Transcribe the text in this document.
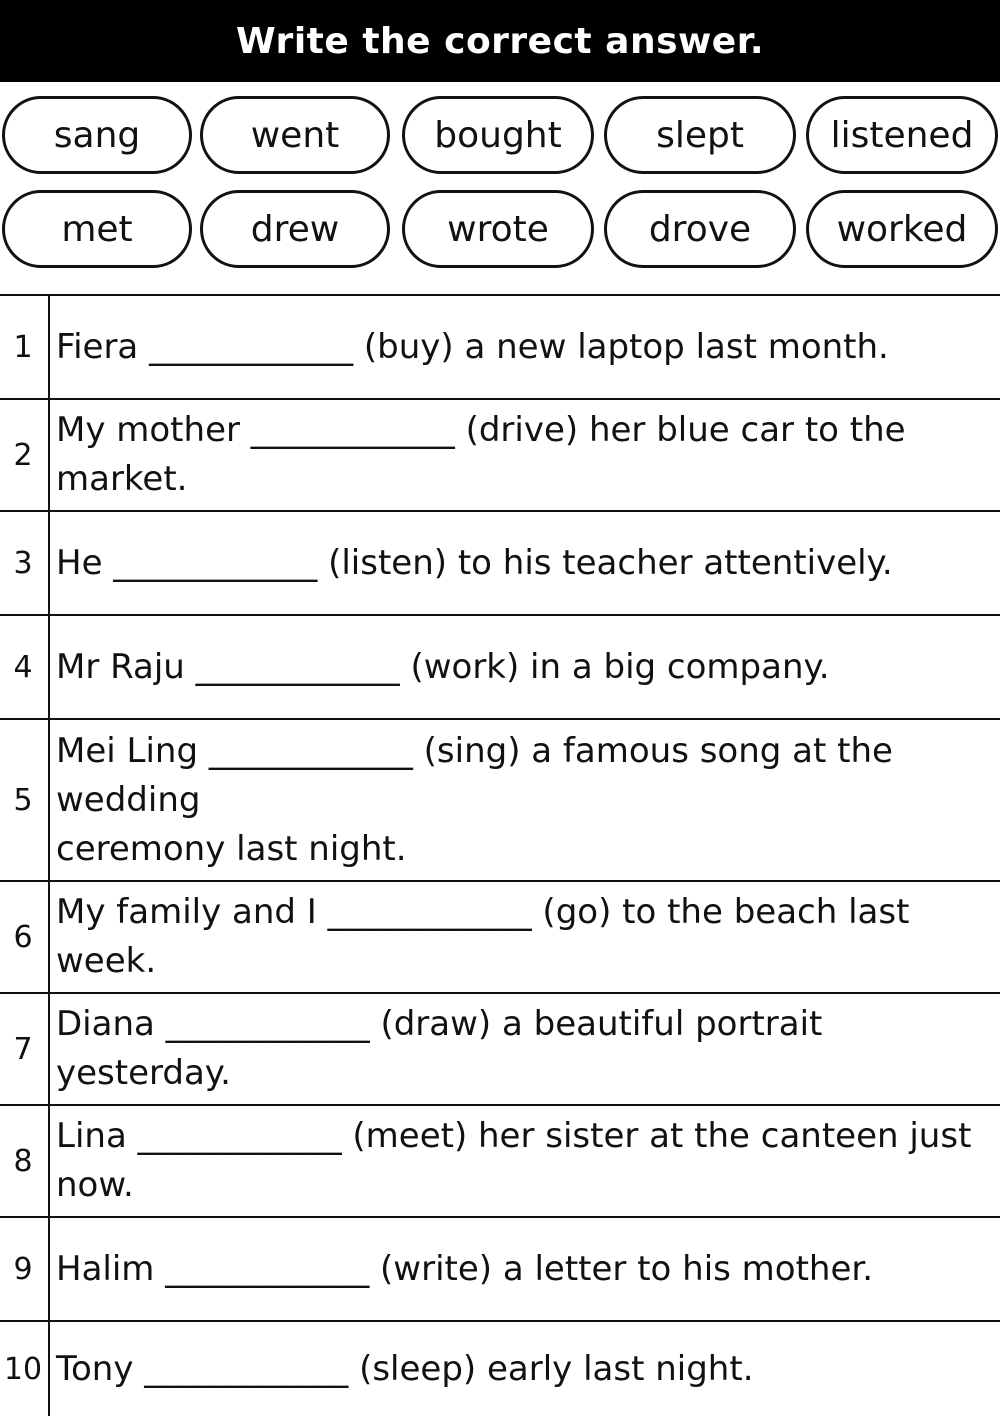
Write the correct answer.
sang	went	bought	slept	listened
met	drew	wrote	drove	worked
1 Fiera ____________ (buy) a new laptop last month.
2
My mother ____________ (drive) her blue car to the
market.
3 He ____________ (listen) to his teacher attentively.
4 Mr Raju ____________ (work) in a big company.
5
Mei Ling ____________ (sing) a famous song at the
wedding
ceremony last night.
6
My family and I ____________ (go) to the beach last
week.
7
Diana ____________ (draw) a beautiful portrait
yesterday.
8
Lina ____________ (meet) her sister at the canteen just
now.
9 Halim ____________ (write) a letter to his mother.
10 Tony ____________ (sleep) early last night.
